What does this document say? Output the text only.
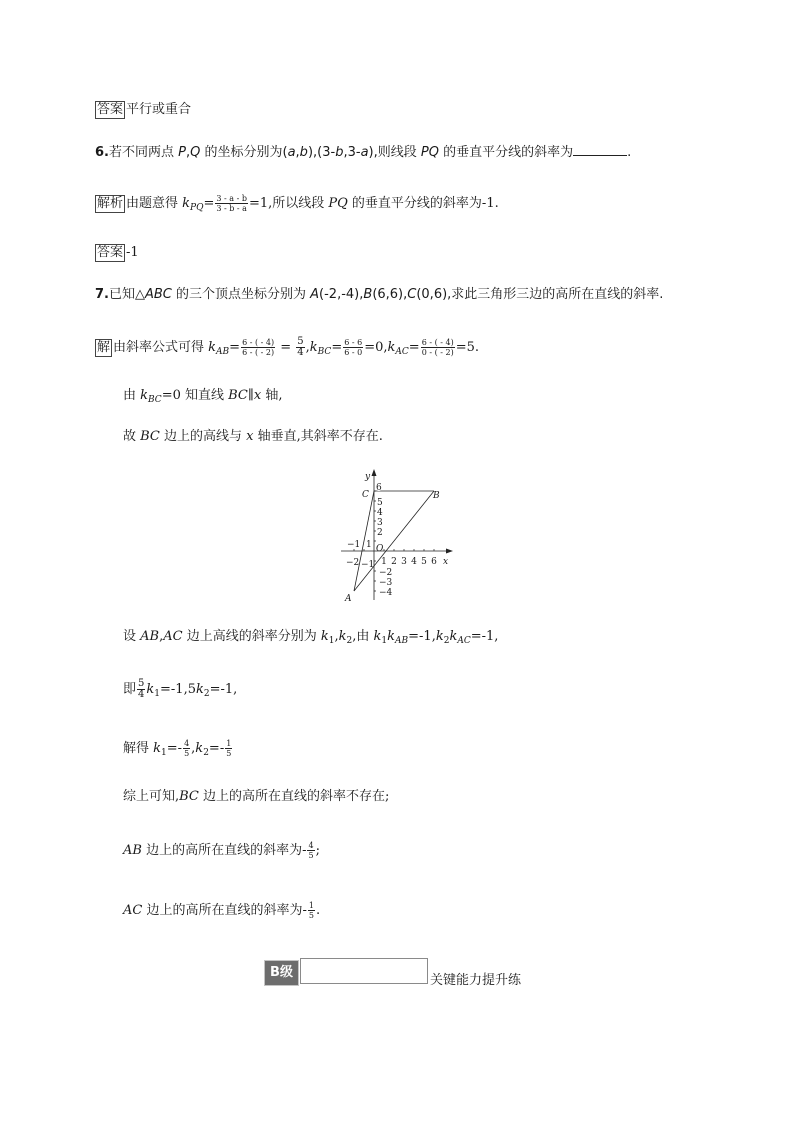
答案 平行或重合
6.若不同两点 P,Q 的坐标分别为(a,b),(3-b,3-a),则线段 PQ 的垂直平分线的斜率为	.
解析 由题意得 $k_{PQ}= \frac{3 - a - b}{3 - b - a} =1$,所以线段 PQ 的垂直平分线的斜率为-1.
答案 -1
7.已知△ABC 的三个顶点坐标分别为 A(-2,-4),B(6,6),C(0,6),求此三角形三边的高所在直线的斜率.
解 由斜率公式可得 $k_{AB}= \frac{6 - ( - 4)}{6 - ( - 2)} = \frac{5}{4} ,k_{BC}= \frac{6 - 6}{6 - 0} =0,k_{AC}= \frac{6 - ( - 4)}{0 - ( - 2)} =5$.
由 $k_{BC}=0$ 知直线 BC∥x 轴,
故 BC 边上的高线与 x 轴垂直,其斜率不存在.
y
x
C	B
A
O
6
5
4
3
2
1
−1
1 2 3 4 5 6
−2 −1
−2
−3
−4
设 AB,AC 边上高线的斜率分别为 $k_1,k_2$,由 $k_1k_{AB}=-1,k_2k_{AC}=-1$,
即 $\frac{5}{4} k_1=-1,5k_2=-1$,
解得 $k_1=- \frac{4}{5} ,k_2=- \frac{1}{5}$
综上可知,BC 边上的高所在直线的斜率不存在;
AB 边上的高所在直线的斜率为- $\frac{4}{5}$ ;
AC 边上的高所在直线的斜率为- $\frac{1}{5}$ .
B级
关键能力提升练
